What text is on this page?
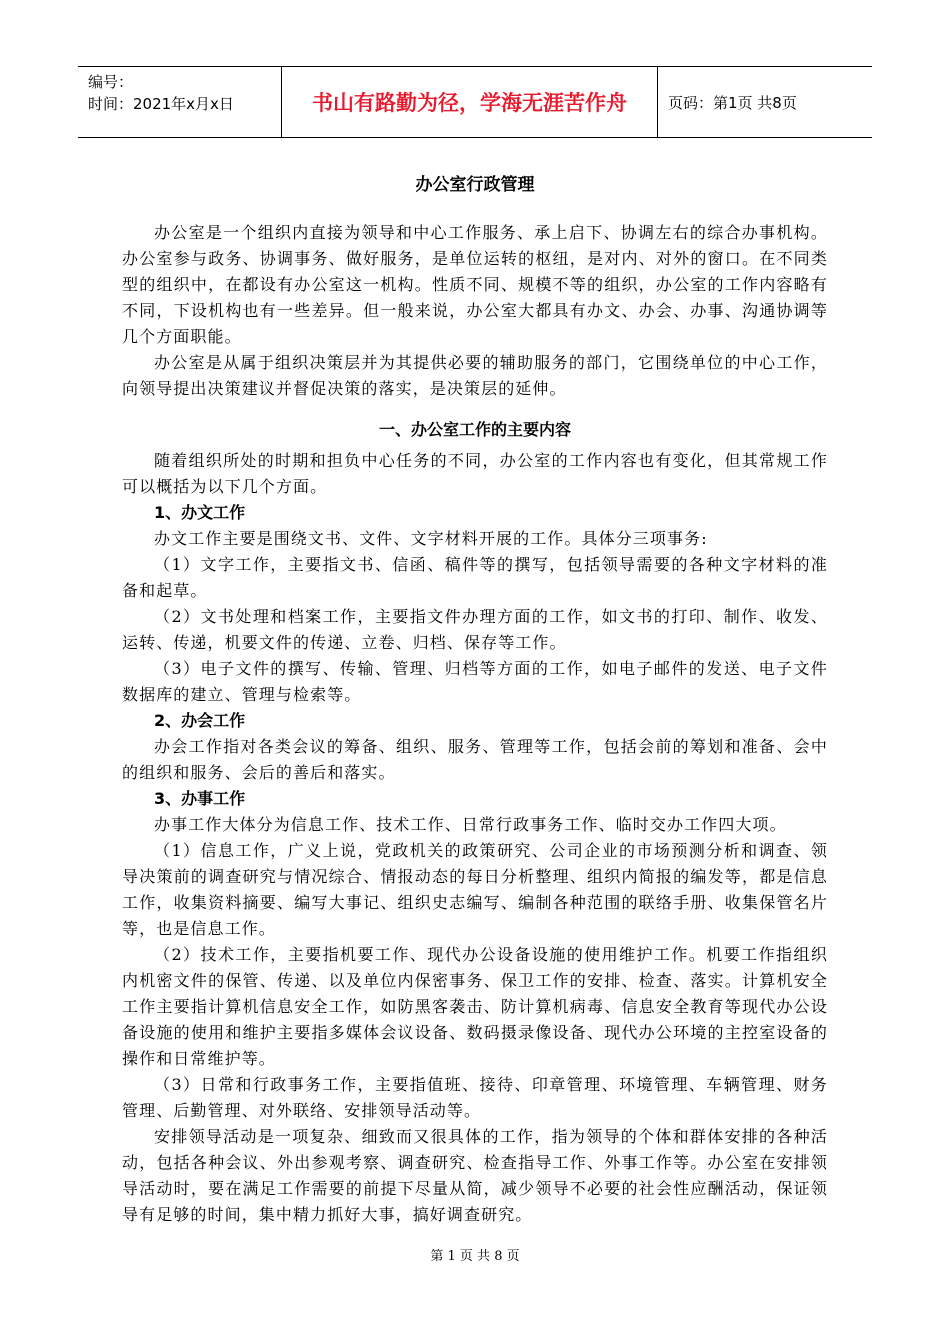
编号：
时间：2021年x月x日	书山有路勤为径，学海无涯苦作舟	页码：第1页 共8页
办公室行政管理

办公室是一个组织内直接为领导和中心工作服务、承上启下、协调左右的综合办事机构。办公室参与政务、协调事务、做好服务，是单位运转的枢纽，是对内、对外的窗口。在不同类型的组织中，在都设有办公室这一机构。性质不同、规模不等的组织，办公室的工作内容略有不同，下设机构也有一些差异。但一般来说，办公室大都具有办文、办会、办事、沟通协调等几个方面职能。

办公室是从属于组织决策层并为其提供必要的辅助服务的部门，它围绕单位的中心工作，向领导提出决策建议并督促决策的落实，是决策层的延伸。

一、办公室工作的主要内容

随着组织所处的时期和担负中心任务的不同，办公室的工作内容也有变化，但其常规工作可以概括为以下几个方面。

1、办文工作

办文工作主要是围绕文书、文件、文字材料开展的工作。具体分三项事务:

（1）文字工作，主要指文书、信函、稿件等的撰写，包括领导需要的各种文字材料的准备和起草。

（2）文书处理和档案工作，主要指文件办理方面的工作，如文书的打印、制作、收发、运转、传递，机要文件的传递、立卷、归档、保存等工作。

（3）电子文件的撰写、传输、管理、归档等方面的工作，如电子邮件的发送、电子文件数据库的建立、管理与检索等。

2、办会工作

办会工作指对各类会议的筹备、组织、服务、管理等工作，包括会前的筹划和准备、会中的组织和服务、会后的善后和落实。

3、办事工作

办事工作大体分为信息工作、技术工作、日常行政事务工作、临时交办工作四大项。

（1）信息工作，广义上说，党政机关的政策研究、公司企业的市场预测分析和调查、领导决策前的调查研究与情况综合、情报动态的每日分析整理、组织内简报的编发等，都是信息工作，收集资料摘要、编写大事记、组织史志编写、编制各种范围的联络手册、收集保管名片等，也是信息工作。

（2）技术工作，主要指机要工作、现代办公设备设施的使用维护工作。机要工作指组织内机密文件的保管、传递、以及单位内保密事务、保卫工作的安排、检查、落实。计算机安全工作主要指计算机信息安全工作，如防黑客袭击、防计算机病毒、信息安全教育等现代办公设备设施的使用和维护主要指多媒体会议设备、数码摄录像设备、现代办公环境的主控室设备的操作和日常维护等。

（3）日常和行政事务工作，主要指值班、接待、印章管理、环境管理、车辆管理、财务管理、后勤管理、对外联络、安排领导活动等。

安排领导活动是一项复杂、细致而又很具体的工作，指为领导的个体和群体安排的各种活动，包括各种会议、外出参观考察、调查研究、检查指导工作、外事工作等。办公室在安排领导活动时，要在满足工作需要的前提下尽量从简，减少领导不必要的社会性应酬活动，保证领导有足够的时间，集中精力抓好大事，搞好调查研究。

第 1 页 共 8 页
